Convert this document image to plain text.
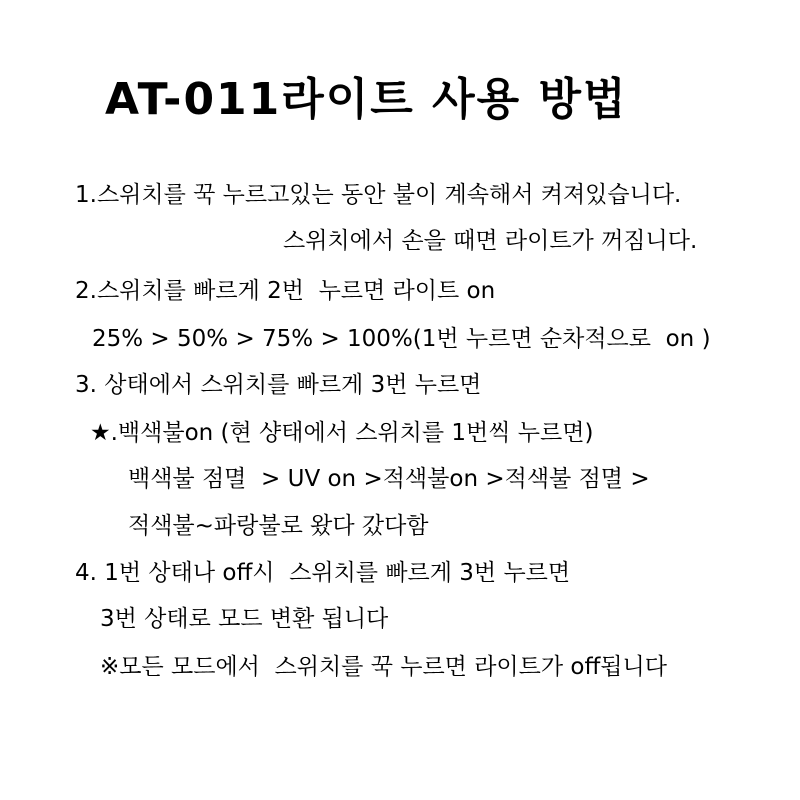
AT-011라이트 사용 방법
1.스위치를 꾹 누르고있는 동안 불이 계속해서 켜져있습니다.
스위치에서 손을 때면 라이트가 꺼짐니다.
2.스위치를 빠르게 2번  누르면 라이트 on
25% > 50% > 75% > 100%(1번 누르면 순차적으로  on )
3. 상태에서 스위치를 빠르게 3번 누르면
★.백색불on (현 샹태에서 스위치를 1번씩 누르면)
백색불 점멸  > UV on >적색불on >적색불 점멸 >
적색불~파랑불로 왔다 갔다함
4. 1번 상태나 off시  스위치를 빠르게 3번 누르면
3번 상태로 모드 변환 됩니다
※모든 모드에서  스위치를 꾹 누르면 라이트가 off됩니다
